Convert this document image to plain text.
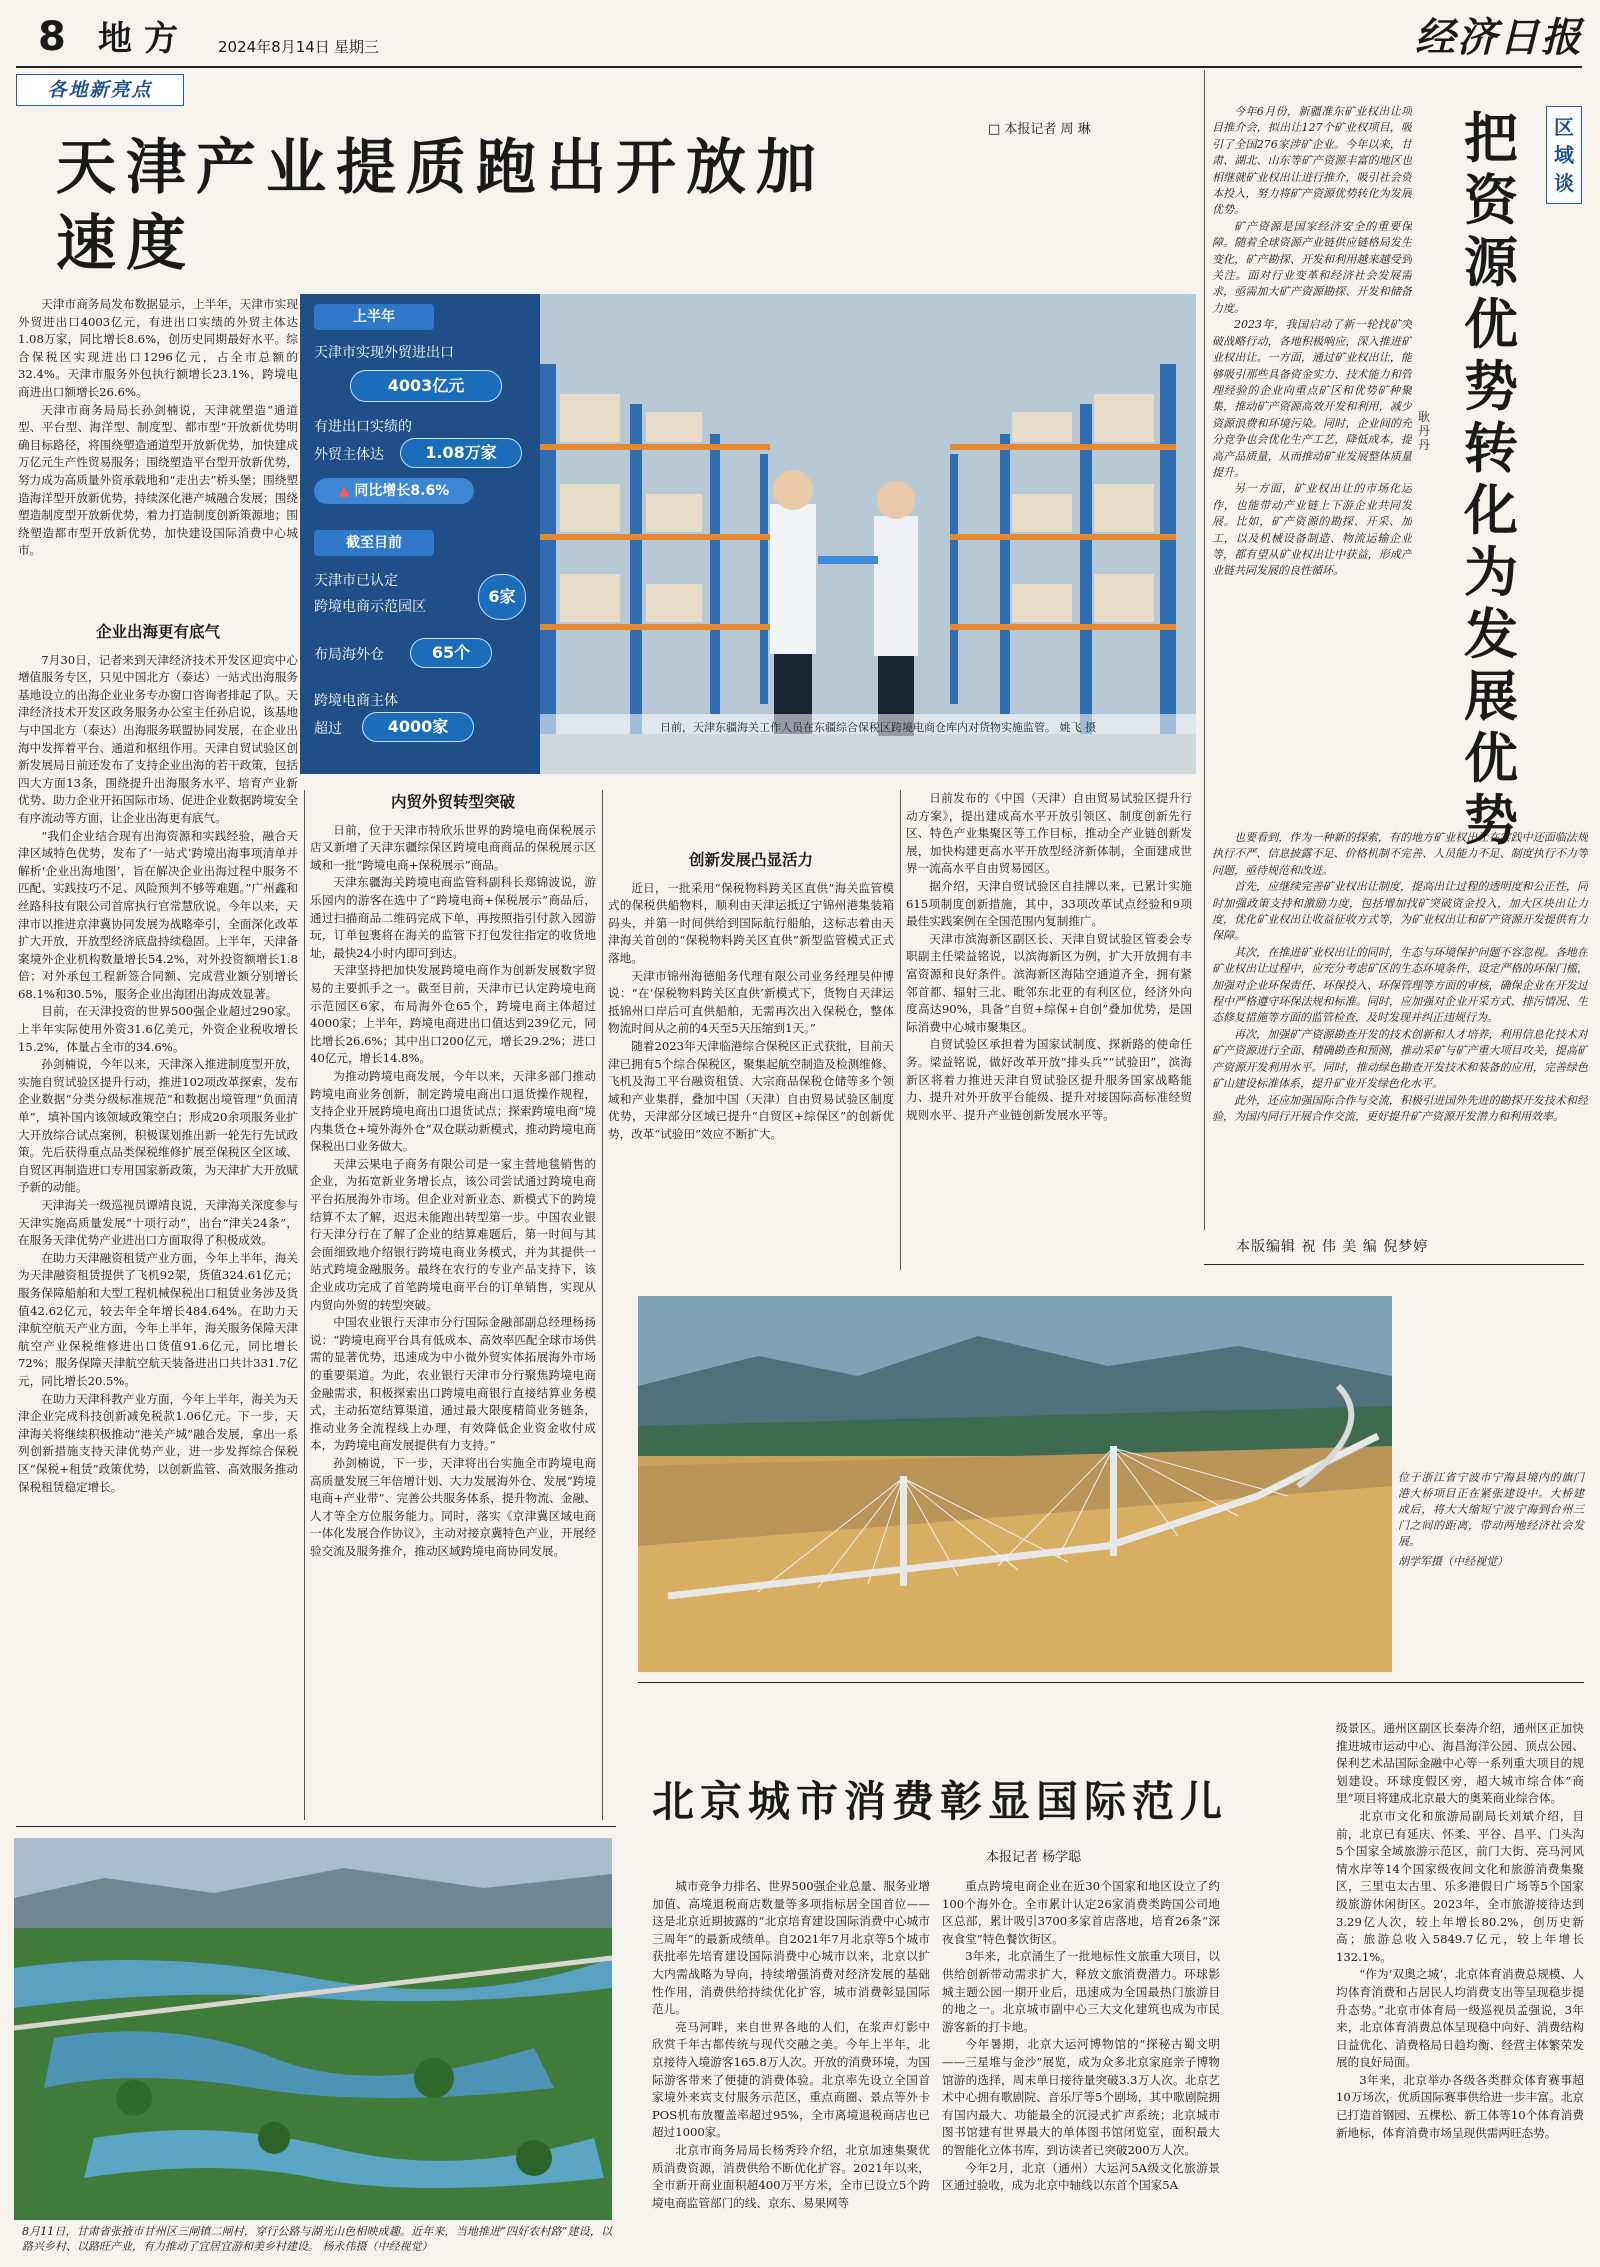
8 地方 2024年8月14日 星期三	经济日报
各地新亮点
□ 本报记者 周 琳
天津产业提质跑出开放加速度

天津市商务局发布数据显示，上半年，天津市实现外贸进出口4003亿元，有进出口实绩的外贸主体达1.08万家，同比增长8.6%，创历史同期最好水平。综合保税区实现进出口1296亿元，占全市总额的32.4%。天津市服务外包执行额增长23.1%，跨境电商进出口额增长26.6%。

天津市商务局局长孙剑楠说，天津就塑造“通道型、平台型、海洋型、制度型、都市型”开放新优势明确目标路径，将围绕塑造通道型开放新优势，加快建成万亿元生产性贸易服务；围绕塑造平台型开放新优势，努力成为高质量外资承载地和“走出去”桥头堡；围绕塑造海洋型开放新优势，持续深化港产城融合发展；围绕塑造制度型开放新优势，着力打造制度创新策源地；围绕塑造都市型开放新优势，加快建设国际消费中心城市。

上半年
天津市实现外贸进出口
4003亿元
有进出口实绩的
外贸主体达	1.08万家
▲ 同比增长8.6%
截至目前
天津市已认定
跨境电商示范园区
6家
布局海外仓	65个
跨境电商主体
超过	4000家	日前，天津东疆海关工作人员在东疆综合保税区跨境电商仓库内对货物实施监管。 姚飞 摄
企业出海更有底气

7月30日，记者来到天津经济技术开发区迎宾中心增值服务专区，只见中国北方（泰达）一站式出海服务基地设立的出海企业业务专办窗口咨询者排起了队。天津经济技术开发区政务服务办公室主任孙启说，该基地与中国北方（泰达）出海服务联盟协同发展，在企业出海中发挥着平台、通道和枢纽作用。天津自贸试验区创新发展局日前还发布了支持企业出海的若干政策，包括四大方面13条，围绕提升出海服务水平、培育产业新优势、助力企业开拓国际市场、促进企业数据跨境安全有序流动等方面，让企业出海更有底气。

“我们企业结合现有出海资源和实践经验，融合天津区域特色优势，发布了‘一站式’跨境出海事项清单并解析‘企业出海地图’，旨在解决企业出海过程中服务不匹配、实践技巧不足、风险预判不够等难题。”广州鑫和丝路科技有限公司首席执行官常慧欣说。今年以来，天津市以推进京津冀协同发展为战略牵引，全面深化改革扩大开放，开放型经济底盘持续稳固。上半年，天津备案境外企业机构数量增长54.2%，对外投资额增长1.8倍；对外承包工程新签合同额、完成营业额分别增长68.1%和30.5%，服务企业出海团出海成效显著。

目前，在天津投资的世界500强企业超过290家。上半年实际使用外资31.6亿美元，外资企业税收增长15.2%，体量占全市的34.6%。

孙剑楠说，今年以来，天津深入推进制度型开放，实施自贸试验区提升行动，推进102项改革探索，发布企业数据“分类分级标准规范”和数据出境管理“负面清单”，填补国内该领域政策空白；形成20余项服务业扩大开放综合试点案例，积极谋划推出新一轮先行先试政策。先后获得重点品类保税维修扩展至保税区全区域、自贸区再制造进口专用国家新政策，为天津扩大开放赋予新的动能。

天津海关一级巡视员谭靖良说，天津海关深度参与天津实施高质量发展“十项行动”，出台“津关24条”，在服务天津优势产业进出口方面取得了积极成效。

在助力天津融资租赁产业方面，今年上半年，海关为天津融资租赁提供了飞机92架，货值324.61亿元；服务保障船舶和大型工程机械保税出口租赁业务涉及货值42.62亿元，较去年全年增长484.64%。在助力天津航空航天产业方面，今年上半年，海关服务保障天津航空产业保税维修进出口货值91.6亿元，同比增长72%；服务保障天津航空航天装备进出口共计331.7亿元，同比增长20.5%。

在助力天津科教产业方面，今年上半年，海关为天津企业完成科技创新减免税款1.06亿元。下一步，天津海关将继续积极推动“港关产城”融合发展，拿出一系列创新措施支持天津优势产业，进一步发挥综合保税区“保税+租赁”政策优势，以创新监管、高效服务推动保税租赁稳定增长。

内贸外贸转型突破

日前，位于天津市特欣乐世界的跨境电商保税展示店又新增了天津东疆综保区跨境电商商品的保税展示区域和一批“跨境电商+保税展示”商品。

天津东疆海关跨境电商监管科副科长郑锦波说，游乐园内的游客在选中了“跨境电商+保税展示”商品后，通过扫描商品二维码完成下单，再按照指引付款入园游玩，订单包裹将在海关的监管下打包发往指定的收货地址，最快24小时内即可到达。

天津坚持把加快发展跨境电商作为创新发展数字贸易的主要抓手之一。截至目前，天津市已认定跨境电商示范园区6家，布局海外仓65个，跨境电商主体超过4000家；上半年，跨境电商进出口值达到239亿元，同比增长26.6%；其中出口200亿元，增长29.2%；进口40亿元，增长14.8%。

为推动跨境电商发展，今年以来，天津多部门推动跨境电商业务创新，制定跨境电商出口退货操作规程，支持企业开展跨境电商出口退货试点；探索跨境电商“境内集货仓+境外海外仓”双仓联动新模式，推动跨境电商保税出口业务做大。

天津云果电子商务有限公司是一家主营地毯销售的企业，为拓宽新业务增长点，该公司尝试通过跨境电商平台拓展海外市场。但企业对新业态、新模式下的跨境结算不太了解，迟迟未能跑出转型第一步。中国农业银行天津分行在了解了企业的结算难题后，第一时间与其会面细致地介绍银行跨境电商业务模式，并为其提供一站式跨境金融服务。最终在农行的专业产品支持下，该企业成功完成了首笔跨境电商平台的订单销售，实现从内贸向外贸的转型突破。

中国农业银行天津市分行国际金融部副总经理杨扬说：“跨境电商平台具有低成本、高效率匹配全球市场供需的显著优势，迅速成为中小微外贸实体拓展海外市场的重要渠道。为此，农业银行天津市分行聚焦跨境电商金融需求，积极探索出口跨境电商银行直接结算业务模式，主动拓宽结算渠道，通过最大限度精简业务链条，推动业务全流程线上办理，有效降低企业资金收付成本，为跨境电商发展提供有力支持。”

孙剑楠说，下一步，天津将出台实施全市跨境电商高质量发展三年倍增计划、大力发展海外仓、发展“跨境电商+产业带”、完善公共服务体系，提升物流、金融、人才等全方位服务能力。同时，落实《京津冀区域电商一体化发展合作协议》，主动对接京冀特色产业，开展经验交流及服务推介，推动区域跨境电商协同发展。

创新发展凸显活力

近日，一批采用“保税物料跨关区直供”海关监管模式的保税供船物料，顺利由天津运抵辽宁锦州港集装箱码头，并第一时间供给到国际航行船舶，这标志着由天津海关首创的“保税物料跨关区直供”新型监管模式正式落地。

天津市锦州海德船务代理有限公司业务经理吴仲博说：“在‘保税物料跨关区直供’新模式下，货物自天津运抵锦州口岸后可直供船舶，无需再次出入保税仓，整体物流时间从之前的4天至5天压缩到1天。”

随着2023年天津临港综合保税区正式获批，目前天津已拥有5个综合保税区，聚集起航空制造及检测维修、飞机及海工平台融资租赁、大宗商品保税仓储等多个领域和产业集群，叠加中国（天津）自由贸易试验区制度优势，天津部分区域已提升“自贸区+综保区”的创新优势，改革“试验田”效应不断扩大。

日前发布的《中国（天津）自由贸易试验区提升行动方案》，提出建成高水平开放引领区、制度创新先行区、特色产业集聚区等工作目标，推动全产业链创新发展，加快构建更高水平开放型经济新体制，全面建成世界一流高水平自由贸易园区。

据介绍，天津自贸试验区自挂牌以来，已累计实施615项制度创新措施，其中，33项改革试点经验和9项最佳实践案例在全国范围内复制推广。

天津市滨海新区副区长、天津自贸试验区管委会专职副主任梁益铭说，以滨海新区为例，扩大开放拥有丰富资源和良好条件。滨海新区海陆空通道齐全，拥有紧邻首都、辐射三北、毗邻东北亚的有利区位，经济外向度高达90%，具备“自贸+综保+自创”叠加优势，是国际消费中心城市聚集区。

自贸试验区承担着为国家试制度、探新路的使命任务。梁益铭说，做好改革开放“排头兵”“试验田”，滨海新区将着力推进天津自贸试验区提升服务国家战略能力、提升对外开放平台能级、提升对接国际高标准经贸规则水平、提升产业链创新发展水平等。

今年6月份，新疆准东矿业权出让项目推介会，拟出让127个矿业权项目，吸引了全国276家涉矿企业。今年以来，甘肃、湖北、山东等矿产资源丰富的地区也相继就矿业权出让进行推介，吸引社会资本投入，努力将矿产资源优势转化为发展优势。

矿产资源是国家经济安全的重要保障。随着全球资源产业链供应链格局发生变化，矿产勘探、开发和利用越来越受到关注。面对行业变革和经济社会发展需求，亟需加大矿产资源勘探、开发和储备力度。

2023年，我国启动了新一轮找矿突破战略行动，各地积极响应，深入推进矿业权出让。一方面，通过矿业权出让，能够吸引那些具备资金实力、技术能力和管理经验的企业向重点矿区和优势矿种聚集，推动矿产资源高效开发和利用，减少资源浪费和环境污染。同时，企业间的充分竞争也会优化生产工艺，降低成本，提高产品质量，从而推动矿业发展整体质量提升。

另一方面，矿业权出让的市场化运作，也能带动产业链上下游企业共同发展。比如，矿产资源的勘探、开采、加工，以及机械设备制造、物流运输企业等，都有望从矿业权出让中获益，形成产业链共同发展的良性循环。

耿丹丹
把资源优势转化为发展优势
区域谈

也要看到，作为一种新的探索，有的地方矿业权出让在实践中还面临法规执行不严、信息披露不足、价格机制不完善、人员能力不足、制度执行不力等问题，亟待规范和改进。

首先，应继续完善矿业权出让制度，提高出让过程的透明度和公正性，同时加强政策支持和激励力度，包括增加找矿突破资金投入，加大区块出让力度，优化矿业权出让收益征收方式等，为矿业权出让和矿产资源开发提供有力保障。

其次，在推进矿业权出让的同时，生态与环境保护问题不容忽视。各地在矿业权出让过程中，应充分考虑矿区的生态环境条件，设定严格的环保门槛，加强对企业环保责任、环保投入、环保管理等方面的审核，确保企业在开发过程中严格遵守环保法规和标准。同时，应加强对企业开采方式、排污情况、生态修复措施等方面的监管检查，及时发现并纠正违规行为。

再次，加强矿产资源勘查开发的技术创新和人才培养，利用信息化技术对矿产资源进行全面、精确勘查和预测，推动采矿与矿产重大项目攻关，提高矿产资源开发利用水平。同时，推动绿色勘查开发技术和装备的应用，完善绿色矿山建设标准体系，提升矿业开发绿色化水平。

此外，还应加强国际合作与交流，积极引进国外先进的勘探开发技术和经验，为国内同行开展合作交流，更好提升矿产资源开发潜力和利用效率。

本版编辑 祝 伟 美 编 倪梦婷
位于浙江省宁波市宁海县境内的旗门港大桥项目正在紧张建设中。大桥建成后，将大大缩短宁波宁海到台州三门之间的距离，带动两地经济社会发展。
胡学军摄（中经视觉）
北京城市消费彰显国际范儿
本报记者 杨学聪

城市竞争力排名、世界500强企业总量、服务业增加值、高境退税商店数量等多项指标居全国首位——这是北京近期披露的“北京培育建设国际消费中心城市三周年”的最新成绩单。自2021年7月北京等5个城市获批率先培育建设国际消费中心城市以来，北京以扩大内需战略为导向，持续增强消费对经济发展的基础性作用，消费供给持续优化扩容，城市消费彰显国际范儿。

亮马河畔，来自世界各地的人们，在浆声灯影中欣赏千年古都传统与现代交融之美。今年上半年，北京接待入境游客165.8万人次。开放的消费环境，为国际游客带来了便捷的消费体验。北京率先设立全国首家境外来宾支付服务示范区，重点商圈、景点等外卡POS机布放覆盖率超过95%，全市离境退税商店也已超过1000家。

北京市商务局局长杨秀玲介绍，北京加速集聚优质消费资源，消费供给不断优化扩容。2021年以来，全市新开商业面积超400万平方米，全市已设立5个跨境电商监管部门的线、京东、易果网等

重点跨境电商企业在近30个国家和地区设立了约100个海外仓。全市累计认定26家消费类跨国公司地区总部，累计吸引3700多家首店落地，培育26条“深夜食堂”特色餐饮街区。

3年来，北京涌生了一批地标性文旅重大项目，以供给创新带动需求扩大，释放文旅消费潜力。环球影城主题公园一期开业后，迅速成为全国最热门旅游目的地之一。北京城市副中心三大文化建筑也成为市民游客新的打卡地。

今年暑期，北京大运河博物馆的“探秘古蜀文明——三星堆与金沙”展览，成为众多北京家庭亲子博物馆游的选择，周末单日接待量突破3.3万人次。北京艺术中心拥有歌剧院、音乐厅等5个剧场，其中歌剧院拥有国内最大、功能最全的沉浸式扩声系统；北京城市图书馆建有世界最大的单体图书馆闭览室，面积最大的智能化立体书库，到访读者已突破200万人次。

今年2月，北京（通州）大运河5A级文化旅游景区通过验收，成为北京中轴线以东首个国家5A

级景区。通州区副区长秦涛介绍，通州区正加快推进城市运动中心、海昌海洋公园、顶点公园、保利艺术品国际金融中心等一系列重大项目的规划建设。环球度假区旁，超大城市综合体“商里”项目将建成北京最大的奥莱商业综合体。

北京市文化和旅游局副局长刘斌介绍，目前，北京已有延庆、怀柔、平谷、昌平、门头沟5个国家全域旅游示范区，前门大街、亮马河风情水岸等14个国家级夜间文化和旅游消费集聚区，三里屯太古里、乐多港假日广场等5个国家级旅游休闲街区。2023年，全市旅游接待达到3.29亿人次，较上年增长80.2%，创历史新高；旅游总收入5849.7亿元，较上年增长132.1%。

“作为‘双奥之城’，北京体育消费总规模、人均体育消费和占居民人均消费支出等呈现稳步提升态势。”北京市体育局一级巡视员孟强说，3年来，北京体育消费总体呈现稳中向好、消费结构日益优化、消费格局日趋均衡、经营主体繁荣发展的良好局面。

3年来，北京举办各级各类群众体育赛事超10万场次，优质国际赛事供给进一步丰富。北京已打造首钢园、五棵松、新工体等10个体育消费新地标，体育消费市场呈现供需两旺态势。

8月11日，甘肃省张掖市甘州区三闸镇二闸村，穿行公路与湖光山色相映成趣。近年来，当地推进“四好农村路”建设，以路兴乡村、以路旺产业，有力推动了宜居宜游和美乡村建设。 杨永伟摄（中经视觉）
